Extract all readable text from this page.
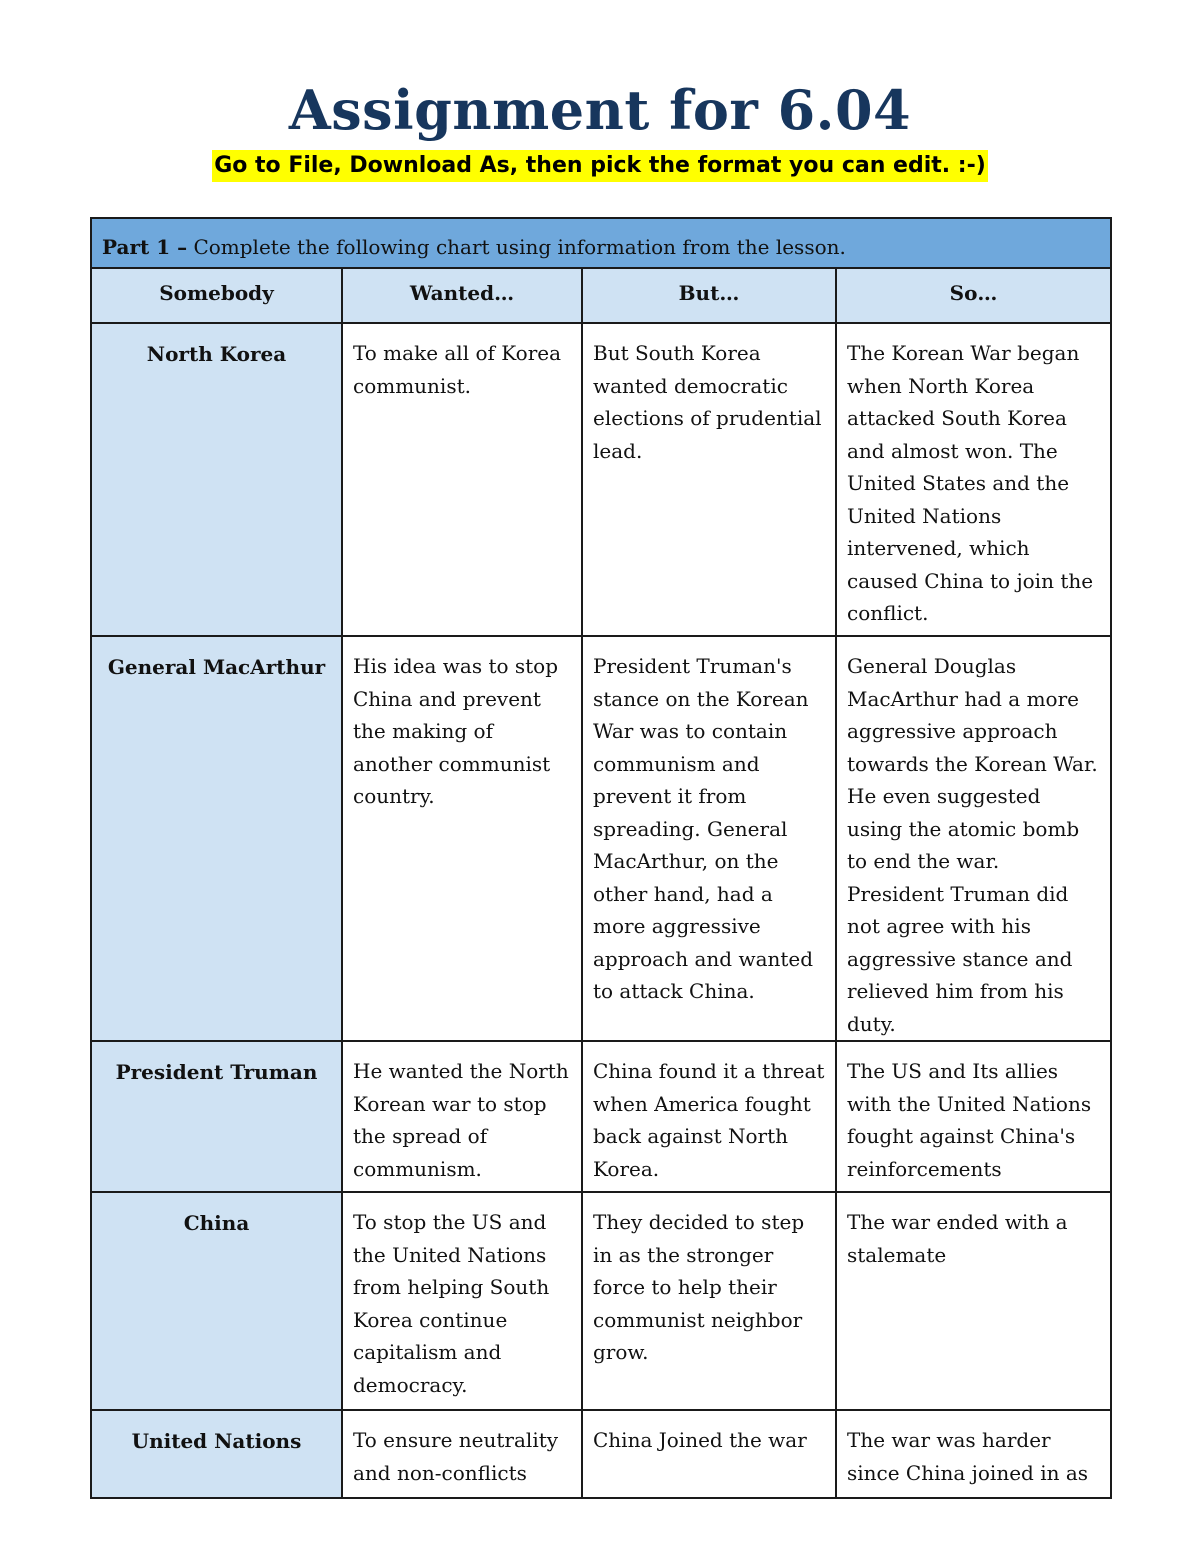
Assignment for 6.04
Go to File, Download As, then pick the format you can edit. :-)
Part 1 – Complete the following chart using information from the lesson.			
Somebody	Wanted…	But…	So…
North Korea	To make all of Korea communist.	But South Korea wanted democratic elections of prudential lead.	The Korean War began when North Korea attacked South Korea and almost won. The United States and the United Nations intervened, which caused China to join the conflict.
General MacArthur	His idea was to stop China and prevent the making of another communist country.	President Truman's stance on the Korean War was to contain communism and prevent it from spreading. General MacArthur, on the other hand, had a more aggressive approach and wanted to attack China.	General Douglas MacArthur had a more aggressive approach towards the Korean War. He even suggested using the atomic bomb to end the war. President Truman did not agree with his aggressive stance and relieved him from his duty.
President Truman	He wanted the North Korean war to stop the spread of communism.	China found it a threat when America fought back against North Korea.	The US and Its allies with the United Nations fought against China's reinforcements
China	To stop the US and the United Nations from helping South Korea continue capitalism and democracy.	They decided to step in as the stronger force to help their communist neighbor grow.	The war ended with a stalemate
United Nations	To ensure neutrality and non-conflicts	China Joined the war	The war was harder since China joined in as
